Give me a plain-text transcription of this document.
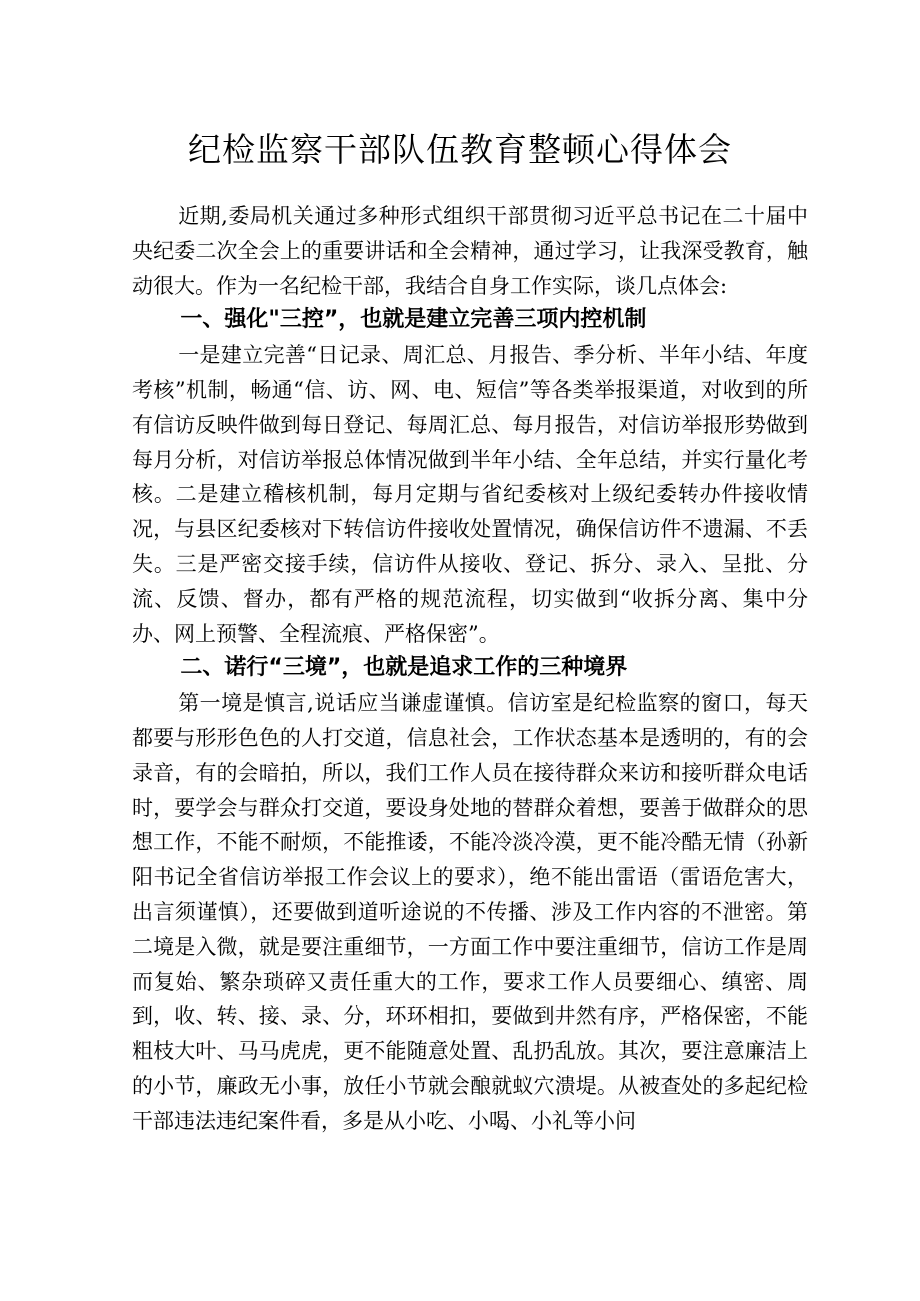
纪检监察干部队伍教育整顿心得体会

近期,委局机关通过多种形式组织干部贯彻习近平总书记在二十届中央纪委二次全会上的重要讲话和全会精神，通过学习，让我深受教育，触动很大。作为一名纪检干部，我结合自身工作实际，谈几点体会:

一、强化"三控”，也就是建立完善三项内控机制

一是建立完善“日记录、周汇总、月报告、季分析、半年小结、年度考核”机制，畅通“信、访、网、电、短信”等各类举报渠道，对收到的所有信访反映件做到每日登记、每周汇总、每月报告，对信访举报形势做到每月分析，对信访举报总体情况做到半年小结、全年总结，并实行量化考核。二是建立稽核机制，每月定期与省纪委核对上级纪委转办件接收情况，与县区纪委核对下转信访件接收处置情况，确保信访件不遗漏、不丢失。三是严密交接手续，信访件从接收、登记、拆分、录入、呈批、分流、反馈、督办，都有严格的规范流程，切实做到“收拆分离、集中分办、网上预警、全程流痕、严格保密”。

二、诺行“三境”，也就是追求工作的三种境界

第一境是慎言,说话应当谦虚谨慎。信访室是纪检监察的窗口，每天都要与形形色色的人打交道，信息社会，工作状态基本是透明的，有的会录音，有的会暗拍，所以，我们工作人员在接待群众来访和接听群众电话时，要学会与群众打交道，要设身处地的替群众着想，要善于做群众的思想工作，不能不耐烦，不能推诿，不能冷淡冷漠，更不能冷酷无情（孙新阳书记全省信访举报工作会议上的要求），绝不能出雷语（雷语危害大，出言须谨慎），还要做到道听途说的不传播、涉及工作内容的不泄密。第二境是入微，就是要注重细节，一方面工作中要注重细节，信访工作是周而复始、繁杂琐碎又责任重大的工作，要求工作人员要细心、缜密、周到，收、转、接、录、分，环环相扣，要做到井然有序，严格保密，不能粗枝大叶、马马虎虎，更不能随意处置、乱扔乱放。其次，要注意廉洁上的小节，廉政无小事，放任小节就会酿就蚁穴溃堤。从被查处的多起纪检干部违法违纪案件看，多是从小吃、小喝、小礼等小问
